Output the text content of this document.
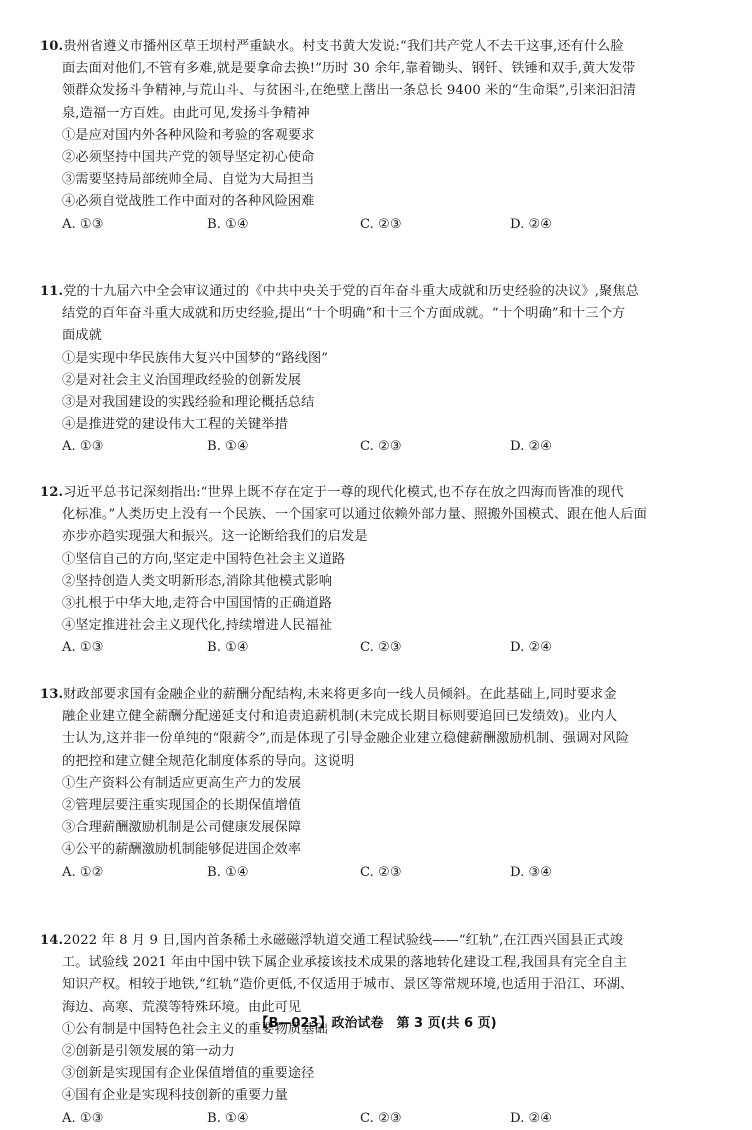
10.贵州省遵义市播州区草王坝村严重缺水。村支书黄大发说:“我们共产党人不去干这事,还有什么脸
面去面对他们,不管有多难,就是要拿命去换!”历时 30 余年,靠着锄头、钢钎、铁锤和双手,黄大发带
领群众发扬斗争精神,与荒山斗、与贫困斗,在绝壁上凿出一条总长 9400 米的“生命渠”,引来汩汩清
泉,造福一方百姓。由此可见,发扬斗争精神
①是应对国内外各种风险和考验的客观要求
②必须坚持中国共产党的领导坚定初心使命
③需要坚持局部统帅全局、自觉为大局担当
④必须自觉战胜工作中面对的各种风险困难
A. ①③	B. ①④	C. ②③	D. ②④
11.党的十九届六中全会审议通过的《中共中央关于党的百年奋斗重大成就和历史经验的决议》,聚焦总
结党的百年奋斗重大成就和历史经验,提出“十个明确”和十三个方面成就。“十个明确”和十三个方
面成就
①是实现中华民族伟大复兴中国梦的“路线图”
②是对社会主义治国理政经验的创新发展
③是对我国建设的实践经验和理论概括总结
④是推进党的建设伟大工程的关键举措
A. ①③	B. ①④	C. ②③	D. ②④
12.习近平总书记深刻指出:“世界上既不存在定于一尊的现代化模式,也不存在放之四海而皆准的现代
化标准。”人类历史上没有一个民族、一个国家可以通过依赖外部力量、照搬外国模式、跟在他人后面
亦步亦趋实现强大和振兴。这一论断给我们的启发是
①坚信自己的方向,坚定走中国特色社会主义道路
②坚持创造人类文明新形态,消除其他模式影响
③扎根于中华大地,走符合中国国情的正确道路
④坚定推进社会主义现代化,持续增进人民福祉
A. ①③	B. ①④	C. ②③	D. ②④
13.财政部要求国有金融企业的薪酬分配结构,未来将更多向一线人员倾斜。在此基础上,同时要求金
融企业建立健全薪酬分配递延支付和追责追薪机制(未完成长期目标则要追回已发绩效)。业内人
士认为,这并非一份单纯的“限薪令”,而是体现了引导金融企业建立稳健薪酬激励机制、强调对风险
的把控和建立健全规范化制度体系的导向。这说明
①生产资料公有制适应更高生产力的发展
②管理层要注重实现国企的长期保值增值
③合理薪酬激励机制是公司健康发展保障
④公平的薪酬激励机制能够促进国企效率
A. ①②	B. ①④	C. ②③	D. ③④
14.2022 年 8 月 9 日,国内首条稀土永磁磁浮轨道交通工程试验线——“红轨”,在江西兴国县正式竣
工。试验线 2021 年由中国中铁下属企业承接该技术成果的落地转化建设工程,我国具有完全自主
知识产权。相较于地铁,“红轨”造价更低,不仅适用于城市、景区等常规环境,也适用于沿江、环湖、
海边、高寒、荒漠等特殊环境。由此可见
①公有制是中国特色社会主义的重要物质基础
②创新是引领发展的第一动力
③创新是实现国有企业保值增值的重要途径
④国有企业是实现科技创新的重要力量
A. ①③	B. ①④	C. ②③	D. ②④
【B—023】政治试卷　第 3 页(共 6 页)
